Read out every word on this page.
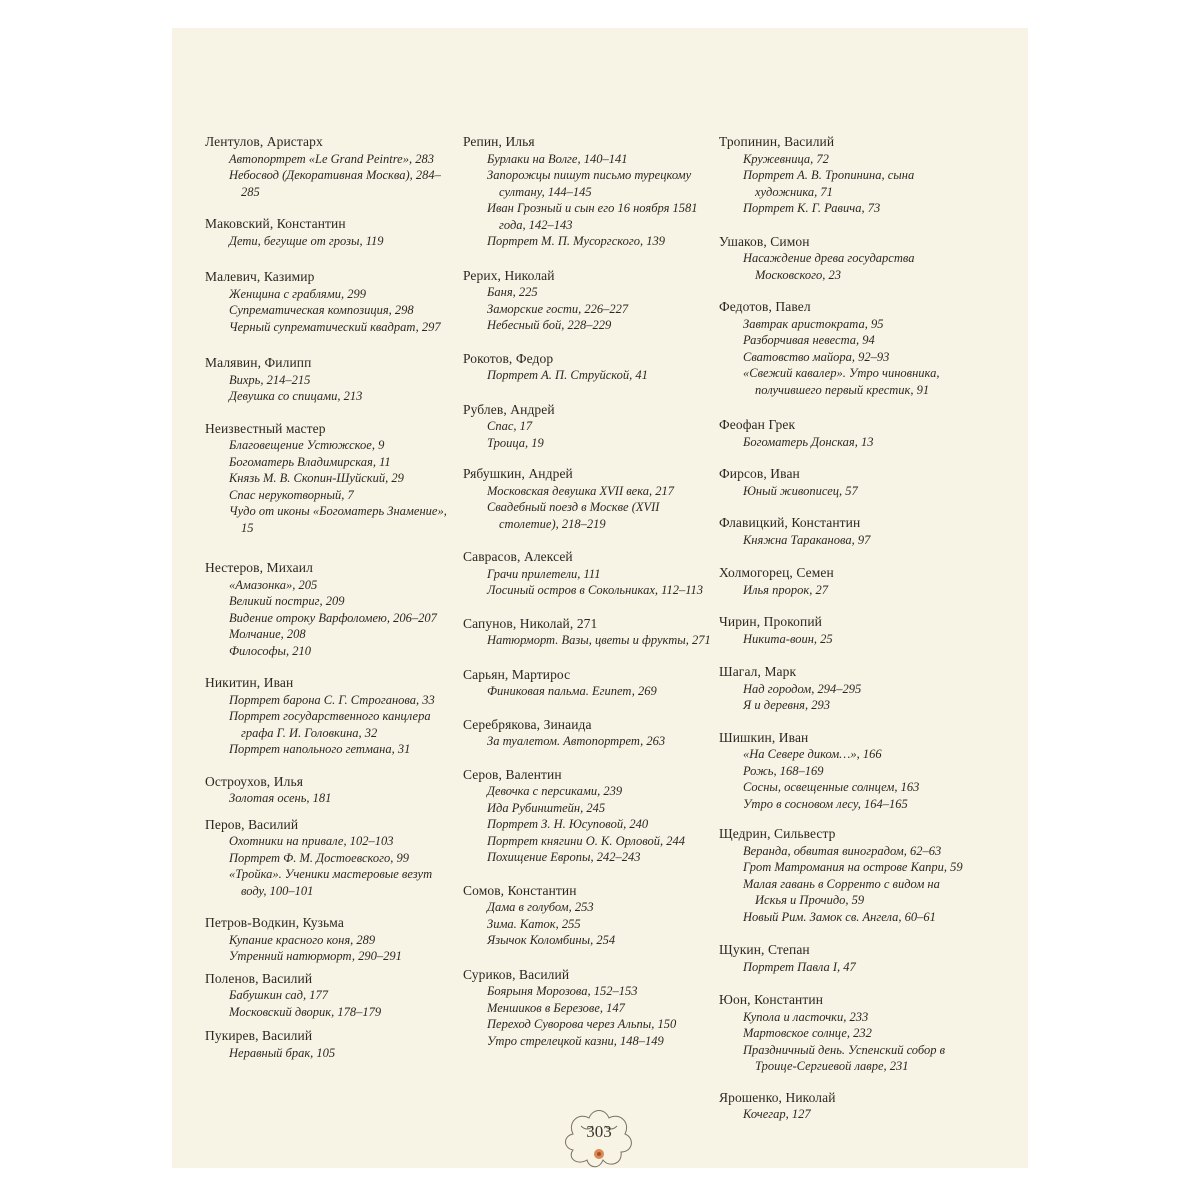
Лентулов, Аристарх
Автопортрет «Le Grand Peintre», 283
Небосвод (Декоративная Москва), 284–285
Маковский, Константин
Дети, бегущие от грозы, 119
Малевич, Казимир
Женщина с граблями, 299
Супрематическая композиция, 298
Черный супрематический квадрат, 297
Малявин, Филипп
Вихрь, 214–215
Девушка со спицами, 213
Неизвестный мастер
Благовещение Устюжское, 9
Богоматерь Владимирская, 11
Князь М. В. Скопин-Шуйский, 29
Спас нерукотворный, 7
Чудо от иконы «Богоматерь Знамение», 15
Нестеров, Михаил
«Амазонка», 205
Великий постриг, 209
Видение отроку Варфоломею, 206–207
Молчание, 208
Философы, 210
Никитин, Иван
Портрет барона С. Г. Строганова, 33
Портрет государственного канцлера графа Г. И. Головкина, 32
Портрет напольного гетмана, 31
Остроухов, Илья
Золотая осень, 181
Перов, Василий
Охотники на привале, 102–103
Портрет Ф. М. Достоевского, 99
«Тройка». Ученики мастеровые везут воду, 100–101
Петров-Водкин, Кузьма
Купание красного коня, 289
Утренний натюрморт, 290–291
Поленов, Василий
Бабушкин сад, 177
Московский дворик, 178–179
Пукирев, Василий
Неравный брак, 105
Репин, Илья
Бурлаки на Волге, 140–141
Запорожцы пишут письмо турецкому султану, 144–145
Иван Грозный и сын его 16 ноября 1581 года, 142–143
Портрет М. П. Мусоргского, 139
Рерих, Николай
Баня, 225
Заморские гости, 226–227
Небесный бой, 228–229
Рокотов, Федор
Портрет А. П. Струйской, 41
Рублев, Андрей
Спас, 17
Троица, 19
Рябушкин, Андрей
Московская девушка XVII века, 217
Свадебный поезд в Москве (XVII столетие), 218–219
Саврасов, Алексей
Грачи прилетели, 111
Лосиный остров в Сокольниках, 112–113
Сапунов, Николай, 271
Натюрморт. Вазы, цветы и фрукты, 271
Сарьян, Мартирос
Финиковая пальма. Египет, 269
Серебрякова, Зинаида
За туалетом. Автопортрет, 263
Серов, Валентин
Девочка с персиками, 239
Ида Рубинштейн, 245
Портрет З. Н. Юсуповой, 240
Портрет княгини О. К. Орловой, 244
Похищение Европы, 242–243
Сомов, Константин
Дама в голубом, 253
Зима. Каток, 255
Язычок Коломбины, 254
Суриков, Василий
Боярыня Морозова, 152–153
Меншиков в Березове, 147
Переход Суворова через Альпы, 150
Утро стрелецкой казни, 148–149
Тропинин, Василий
Кружевница, 72
Портрет А. В. Тропинина, сына художника, 71
Портрет К. Г. Равича, 73
Ушаков, Симон
Насаждение древа государства Московского, 23
Федотов, Павел
Завтрак аристократа, 95
Разборчивая невеста, 94
Сватовство майора, 92–93
«Свежий кавалер». Утро чиновника, получившего первый крестик, 91
Феофан Грек
Богоматерь Донская, 13
Фирсов, Иван
Юный живописец, 57
Флавицкий, Константин
Княжна Тараканова, 97
Холмогорец, Семен
Илья пророк, 27
Чирин, Прокопий
Никита-воин, 25
Шагал, Марк
Над городом, 294–295
Я и деревня, 293
Шишкин, Иван
«На Севере диком…», 166
Рожь, 168–169
Сосны, освещенные солнцем, 163
Утро в сосновом лесу, 164–165
Щедрин, Сильвестр
Веранда, обвитая виноградом, 62–63
Грот Матромания на острове Капри, 59
Малая гавань в Сорренто с видом на Искья и Прочидо, 59
Новый Рим. Замок св. Ангела, 60–61
Щукин, Степан
Портрет Павла I, 47
Юон, Константин
Купола и ласточки, 233
Мартовское солнце, 232
Праздничный день. Успенский собор в Троице-Сергиевой лавре, 231
Ярошенко, Николай
Кочегар, 127
303
